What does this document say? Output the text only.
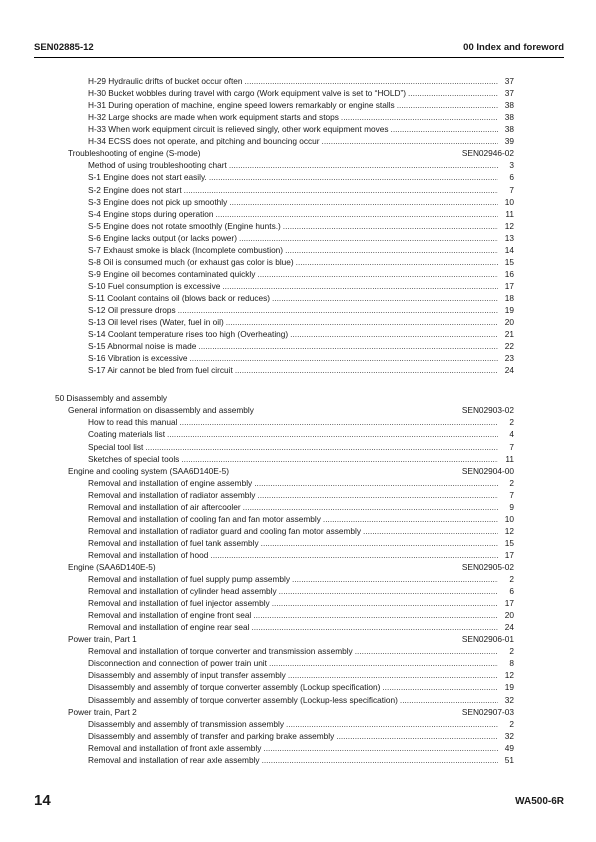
SEN02885-12	00 Index and foreword
H-29 Hydraulic drifts of bucket occur often .....	37
H-30 Bucket wobbles during travel with cargo (Work equipment valve is set to “HOLD”) .....	37
H-31 During operation of machine, engine speed lowers remarkably or engine stalls .....	38
H-32 Large shocks are made when work equipment starts and stops .....	38
H-33 When work equipment circuit is relieved singly, other work equipment moves .....	38
H-34 ECSS does not operate, and pitching and bouncing occur .....	39
Troubleshooting of engine (S-mode)	SEN02946-02
Method of using troubleshooting chart .....	3
S-1 Engine does not start easily. .....	6
S-2 Engine does not start .....	7
S-3 Engine does not pick up smoothly .....	10
S-4 Engine stops during operation .....	11
S-5 Engine does not rotate smoothly (Engine hunts.) .....	12
S-6 Engine lacks output (or lacks power) .....	13
S-7 Exhaust smoke is black (Incomplete combustion) .....	14
S-8 Oil is consumed much (or exhaust gas color is blue) .....	15
S-9 Engine oil becomes contaminated quickly .....	16
S-10 Fuel consumption is excessive .....	17
S-11 Coolant contains oil (blows back or reduces) .....	18
S-12 Oil pressure drops .....	19
S-13 Oil level rises (Water, fuel in oil) .....	20
S-14 Coolant temperature rises too high (Overheating) .....	21
S-15 Abnormal noise is made .....	22
S-16 Vibration is excessive .....	23
S-17 Air cannot be bled from fuel circuit .....	24
50 Disassembly and assembly
General information on disassembly and assembly	SEN02903-02
How to read this manual .....	2
Coating materials list .....	4
Special tool list .....	7
Sketches of special tools .....	11
Engine and cooling system (SAA6D140E-5)	SEN02904-00
Removal and installation of engine assembly .....	2
Removal and installation of radiator assembly .....	7
Removal and installation of air aftercooler .....	9
Removal and installation of cooling fan and fan motor assembly .....	10
Removal and installation of radiator guard and cooling fan motor assembly .....	12
Removal and installation of fuel tank assembly .....	15
Removal and installation of hood .....	17
Engine (SAA6D140E-5)	SEN02905-02
Removal and installation of fuel supply pump assembly .....	2
Removal and installation of cylinder head assembly .....	6
Removal and installation of fuel injector assembly .....	17
Removal and installation of engine front seal .....	20
Removal and installation of engine rear seal .....	24
Power train, Part 1	SEN02906-01
Removal and installation of torque converter and transmission assembly .....	2
Disconnection and connection of power train unit .....	8
Disassembly and assembly of input transfer assembly .....	12
Disassembly and assembly of torque converter assembly (Lockup specification) .....	19
Disassembly and assembly of torque converter assembly (Lockup-less specification) .....	32
Power train, Part 2	SEN02907-03
Disassembly and assembly of transmission assembly .....	2
Disassembly and assembly of transfer and parking brake assembly .....	32
Removal and installation of front axle assembly .....	49
Removal and installation of rear axle assembly .....	51
14	WA500-6R
